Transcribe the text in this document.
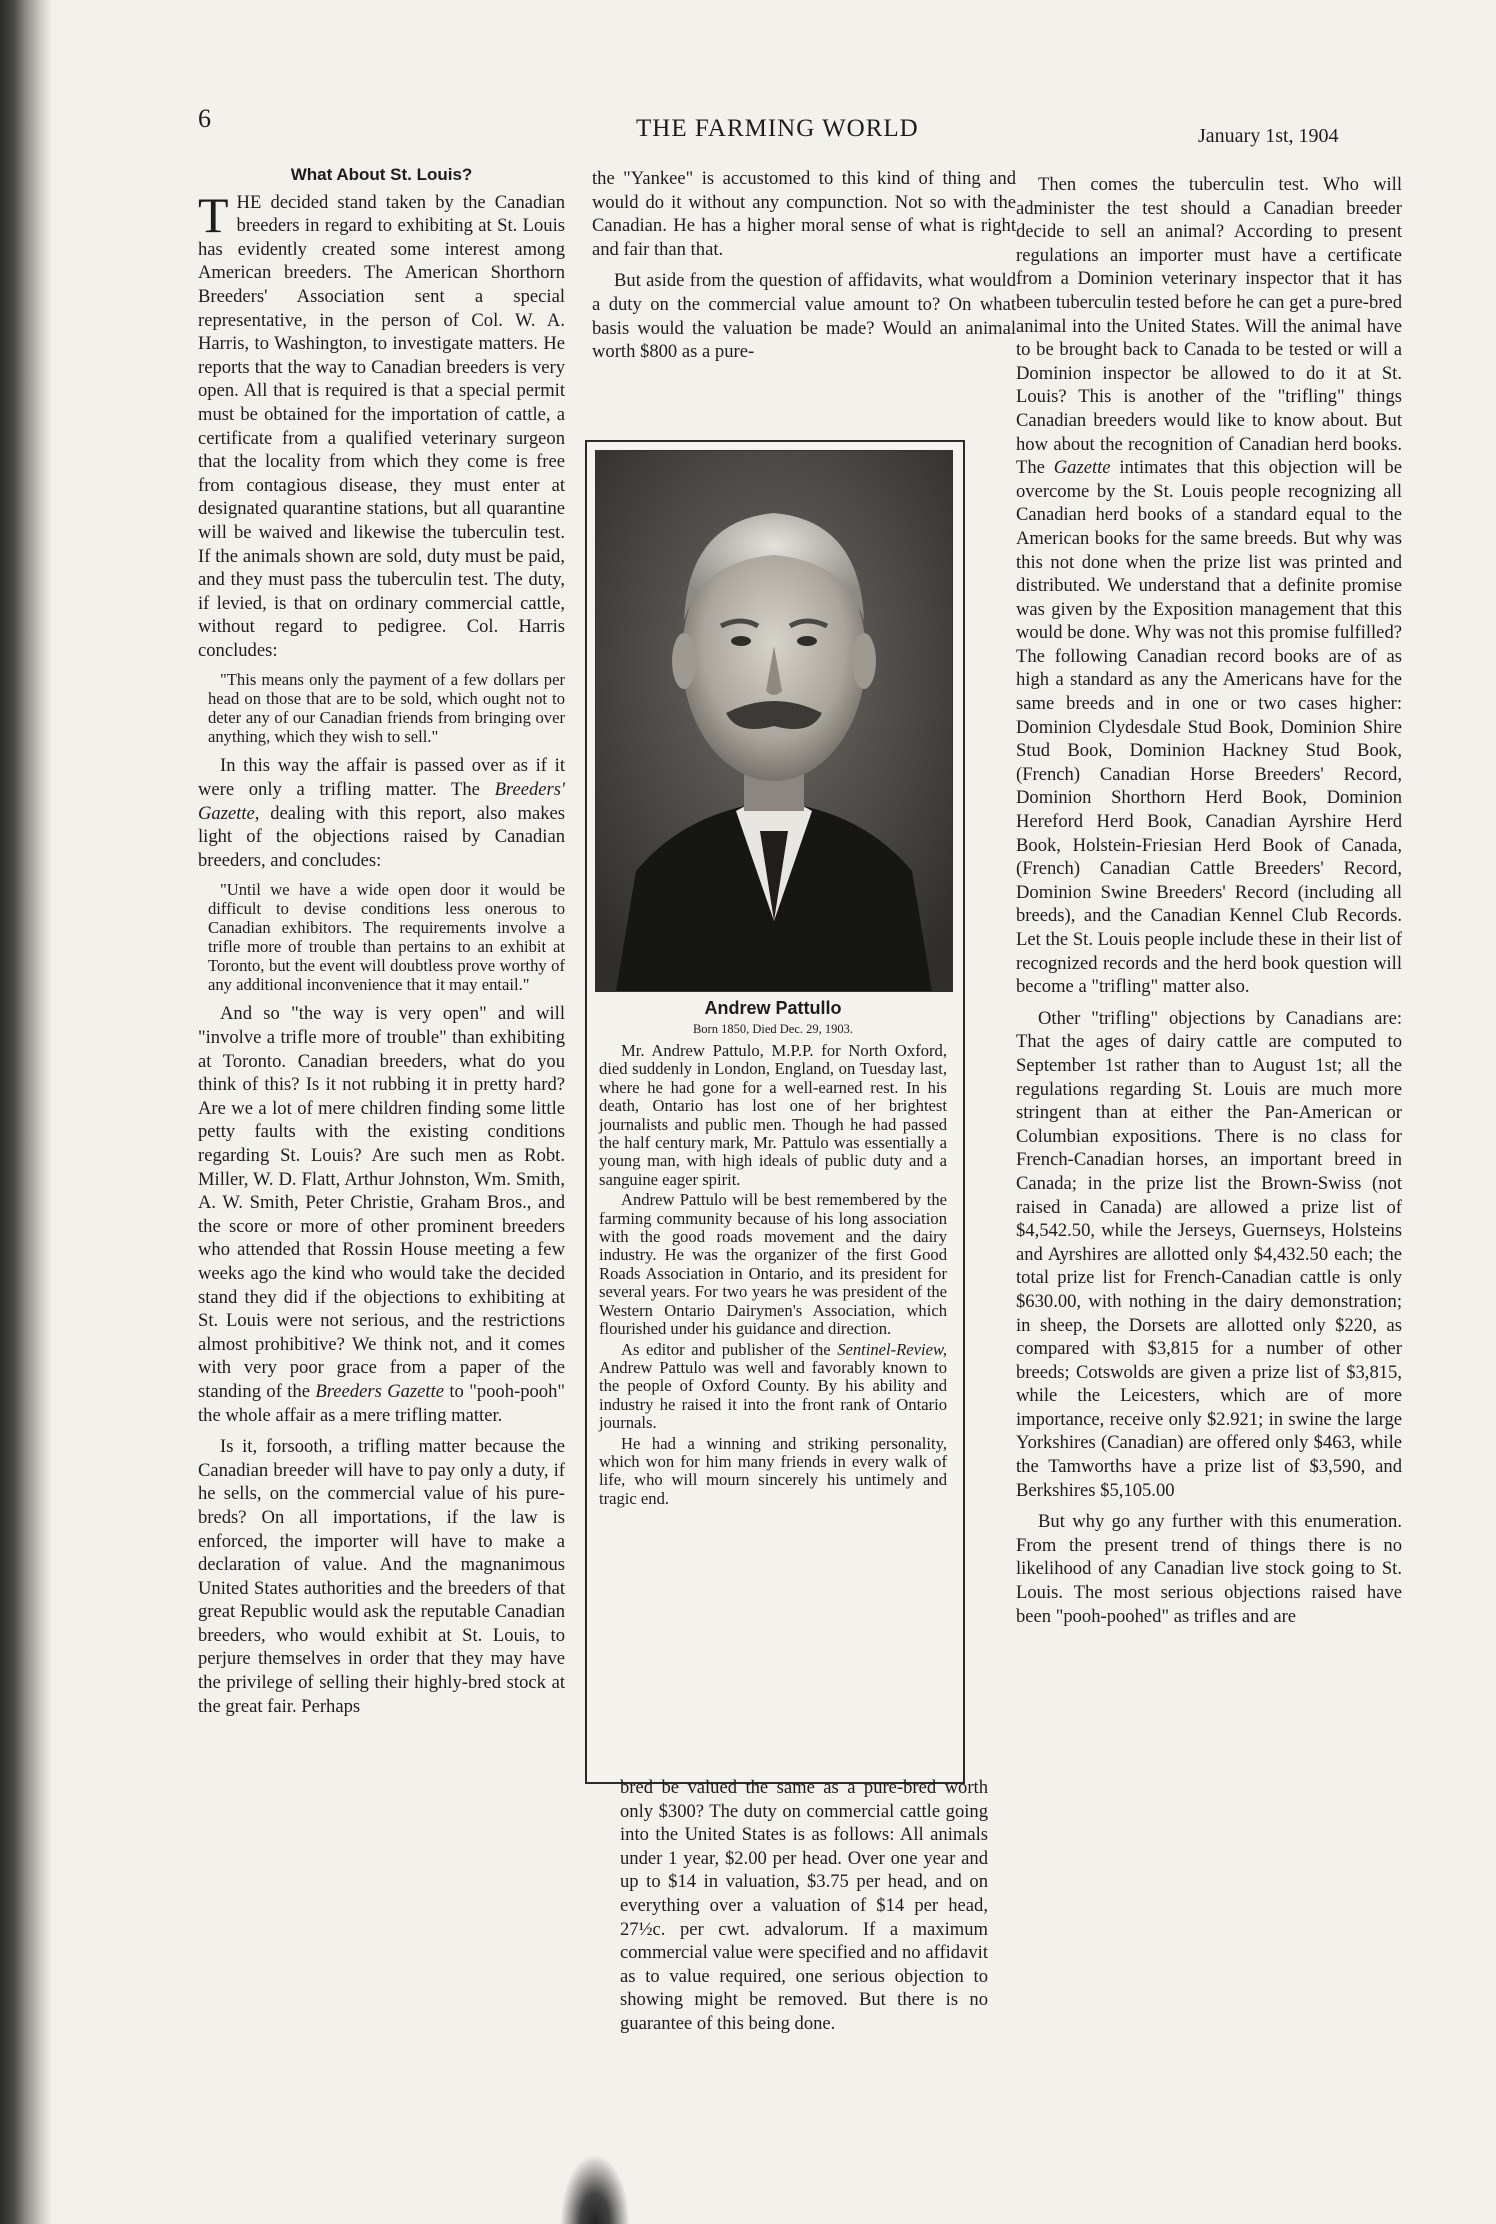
6	THE FARMING WORLD	January 1st, 1904
What About St. Louis?

THE decided stand taken by the Canadian breeders in regard to exhibiting at St. Louis has evidently created some interest among American breeders. The American Shorthorn Breeders' Association sent a special representative, in the person of Col. W. A. Harris, to Washington, to investigate matters. He reports that the way to Canadian breeders is very open. All that is required is that a special permit must be obtained for the importation of cattle, a certificate from a qualified veterinary surgeon that the locality from which they come is free from contagious disease, they must enter at designated quarantine stations, but all quarantine will be waived and likewise the tuberculin test. If the animals shown are sold, duty must be paid, and they must pass the tuberculin test. The duty, if levied, is that on ordinary commercial cattle, without regard to pedigree. Col. Harris concludes:

"This means only the payment of a few dollars per head on those that are to be sold, which ought not to deter any of our Canadian friends from bringing over anything, which they wish to sell."

In this way the affair is passed over as if it were only a trifling matter. The Breeders' Gazette, dealing with this report, also makes light of the objections raised by Canadian breeders, and concludes:

"Until we have a wide open door it would be difficult to devise conditions less onerous to Canadian exhibitors. The requirements involve a trifle more of trouble than pertains to an exhibit at Toronto, but the event will doubtless prove worthy of any additional inconvenience that it may entail."

And so "the way is very open" and will "involve a trifle more of trouble" than exhibiting at Toronto. Canadian breeders, what do you think of this? Is it not rubbing it in pretty hard? Are we a lot of mere children finding some little petty faults with the existing conditions regarding St. Louis? Are such men as Robt. Miller, W. D. Flatt, Arthur Johnston, Wm. Smith, A. W. Smith, Peter Christie, Graham Bros., and the score or more of other prominent breeders who attended that Rossin House meeting a few weeks ago the kind who would take the decided stand they did if the objections to exhibiting at St. Louis were not serious, and the restrictions almost prohibitive? We think not, and it comes with very poor grace from a paper of the standing of the Breeders Gazette to "pooh-pooh" the whole affair as a mere trifling matter.

Is it, forsooth, a trifling matter because the Canadian breeder will have to pay only a duty, if he sells, on the commercial value of his pure-breds? On all importations, if the law is enforced, the importer will have to make a declaration of value. And the magnanimous United States authorities and the breeders of that great Republic would ask the reputable Canadian breeders, who would exhibit at St. Louis, to perjure themselves in order that they may have the privilege of selling their highly-bred stock at the great fair. Perhaps

the "Yankee" is accustomed to this kind of thing and would do it without any compunction. Not so with the Canadian. He has a higher moral sense of what is right and fair than that.

But aside from the question of affidavits, what would a duty on the commercial value amount to? On what basis would the valuation be made? Would an animal worth $800 as a pure-

Andrew Pattullo
Born 1850, Died Dec. 29, 1903.

Mr. Andrew Pattulo, M.P.P. for North Oxford, died suddenly in London, England, on Tuesday last, where he had gone for a well-earned rest. In his death, Ontario has lost one of her brightest journalists and public men. Though he had passed the half century mark, Mr. Pattulo was essentially a young man, with high ideals of public duty and a sanguine eager spirit.

Andrew Pattulo will be best remembered by the farming community because of his long association with the good roads movement and the dairy industry. He was the organizer of the first Good Roads Association in Ontario, and its president for several years. For two years he was president of the Western Ontario Dairymen's Association, which flourished under his guidance and direction.

As editor and publisher of the Sentinel-Review, Andrew Pattulo was well and favorably known to the people of Oxford County. By his ability and industry he raised it into the front rank of Ontario journals.

He had a winning and striking personality, which won for him many friends in every walk of life, who will mourn sincerely his untimely and tragic end.

bred be valued the same as a pure-bred worth only $300? The duty on commercial cattle going into the United States is as follows: All animals under 1 year, $2.00 per head. Over one year and up to $14 in valuation, $3.75 per head, and on everything over a valuation of $14 per head, 27½c. per cwt. advalorum. If a maximum commercial value were specified and no affidavit as to value required, one serious objection to showing might be removed. But there is no guarantee of this being done.

Then comes the tuberculin test. Who will administer the test should a Canadian breeder decide to sell an animal? According to present regulations an importer must have a certificate from a Dominion veterinary inspector that it has been tuberculin tested before he can get a pure-bred animal into the United States. Will the animal have to be brought back to Canada to be tested or will a Dominion inspector be allowed to do it at St. Louis? This is another of the "trifling" things Canadian breeders would like to know about. But how about the recognition of Canadian herd books. The Gazette intimates that this objection will be overcome by the St. Louis people recognizing all Canadian herd books of a standard equal to the American books for the same breeds. But why was this not done when the prize list was printed and distributed. We understand that a definite promise was given by the Exposition management that this would be done. Why was not this promise fulfilled? The following Canadian record books are of as high a standard as any the Americans have for the same breeds and in one or two cases higher: Dominion Clydesdale Stud Book, Dominion Shire Stud Book, Dominion Hackney Stud Book, (French) Canadian Horse Breeders' Record, Dominion Shorthorn Herd Book, Dominion Hereford Herd Book, Canadian Ayrshire Herd Book, Holstein-Friesian Herd Book of Canada, (French) Canadian Cattle Breeders' Record, Dominion Swine Breeders' Record (including all breeds), and the Canadian Kennel Club Records. Let the St. Louis people include these in their list of recognized records and the herd book question will become a "trifling" matter also.

Other "trifling" objections by Canadians are: That the ages of dairy cattle are computed to September 1st rather than to August 1st; all the regulations regarding St. Louis are much more stringent than at either the Pan-American or Columbian expositions. There is no class for French-Canadian horses, an important breed in Canada; in the prize list the Brown-Swiss (not raised in Canada) are allowed a prize list of $4,542.50, while the Jerseys, Guernseys, Holsteins and Ayrshires are allotted only $4,432.50 each; the total prize list for French-Canadian cattle is only $630.00, with nothing in the dairy demonstration; in sheep, the Dorsets are allotted only $220, as compared with $3,815 for a number of other breeds; Cotswolds are given a prize list of $3,815, while the Leicesters, which are of more importance, receive only $2.921; in swine the large Yorkshires (Canadian) are offered only $463, while the Tamworths have a prize list of $3,590, and Berkshires $5,105.00

But why go any further with this enumeration. From the present trend of things there is no likelihood of any Canadian live stock going to St. Louis. The most serious objections raised have been "pooh-poohed" as trifles and are
